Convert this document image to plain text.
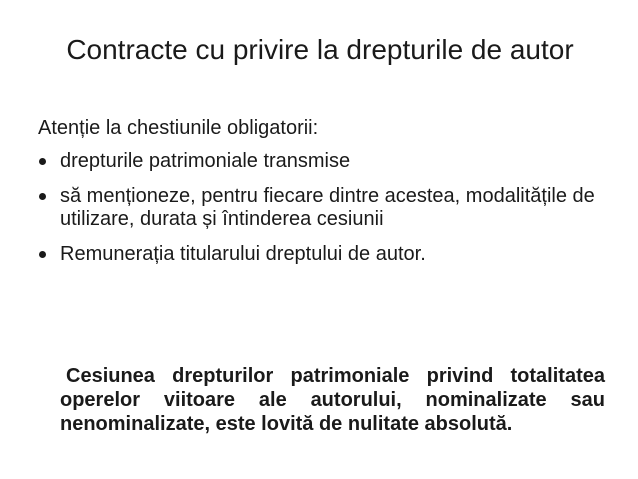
Contracte cu privire la drepturile de autor

Atenție la chestiunile obligatorii:

drepturile patrimoniale transmise
să menționeze, pentru fiecare dintre acestea, modalitățile de utilizare, durata și întinderea cesiunii
Remunerația titularului dreptului de autor.

Cesiunea drepturilor patrimoniale privind totalitatea operelor viitoare ale autorului, nominalizate sau nenominalizate, este lovită de nulitate absolută.
